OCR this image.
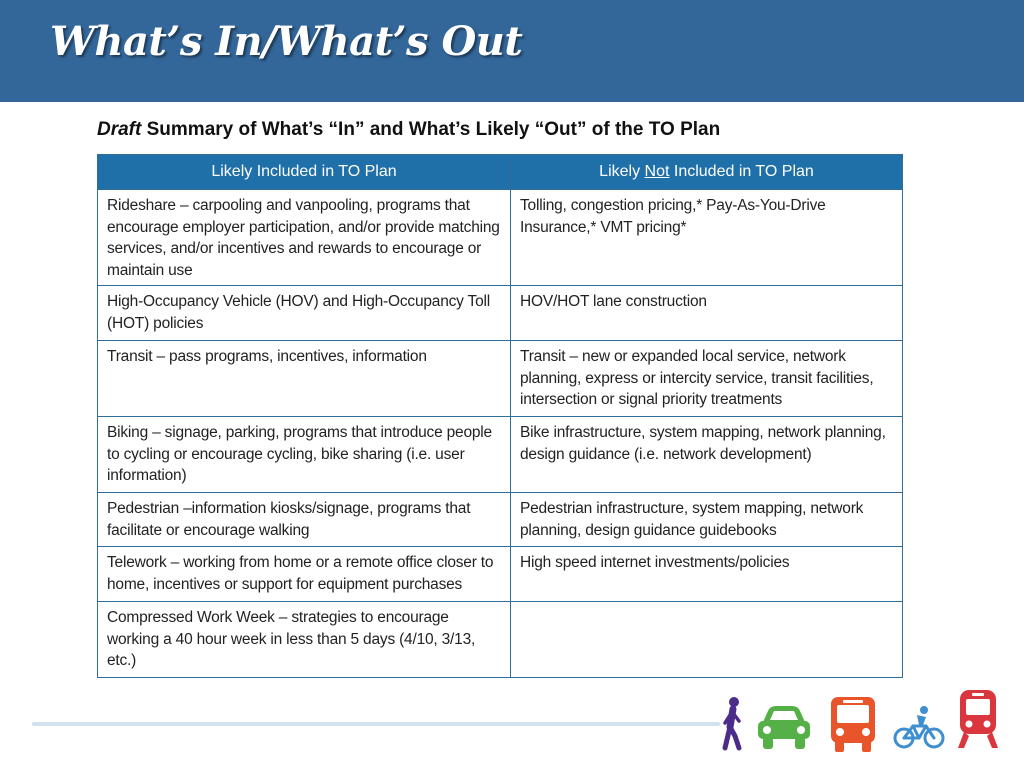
What’s In/What’s Out

Draft Summary of What’s “In” and What’s Likely “Out” of the TO Plan

Likely Included in TO Plan	Likely Not Included in TO Plan
Rideshare – carpooling and vanpooling, programs that encourage employer participation, and/or provide matching services, and/or incentives and rewards to encourage or maintain use	Tolling, congestion pricing,* Pay-As-You-Drive Insurance,* VMT pricing*
High-Occupancy Vehicle (HOV) and High-Occupancy Toll (HOT) policies	HOV/HOT lane construction
Transit – pass programs, incentives, information	Transit – new or expanded local service, network planning, express or intercity service, transit facilities, intersection or signal priority treatments
Biking – signage, parking, programs that introduce people to cycling or encourage cycling, bike sharing (i.e. user information)	Bike infrastructure, system mapping, network planning, design guidance (i.e. network development)
Pedestrian –information kiosks/signage, programs that facilitate or encourage walking	Pedestrian infrastructure, system mapping, network planning, design guidance guidebooks
Telework – working from home or a remote office closer to home, incentives or support for equipment purchases	High speed internet investments/policies
Compressed Work Week – strategies to encourage working a 40 hour week in less than 5 days (4/10, 3/13, etc.)	
